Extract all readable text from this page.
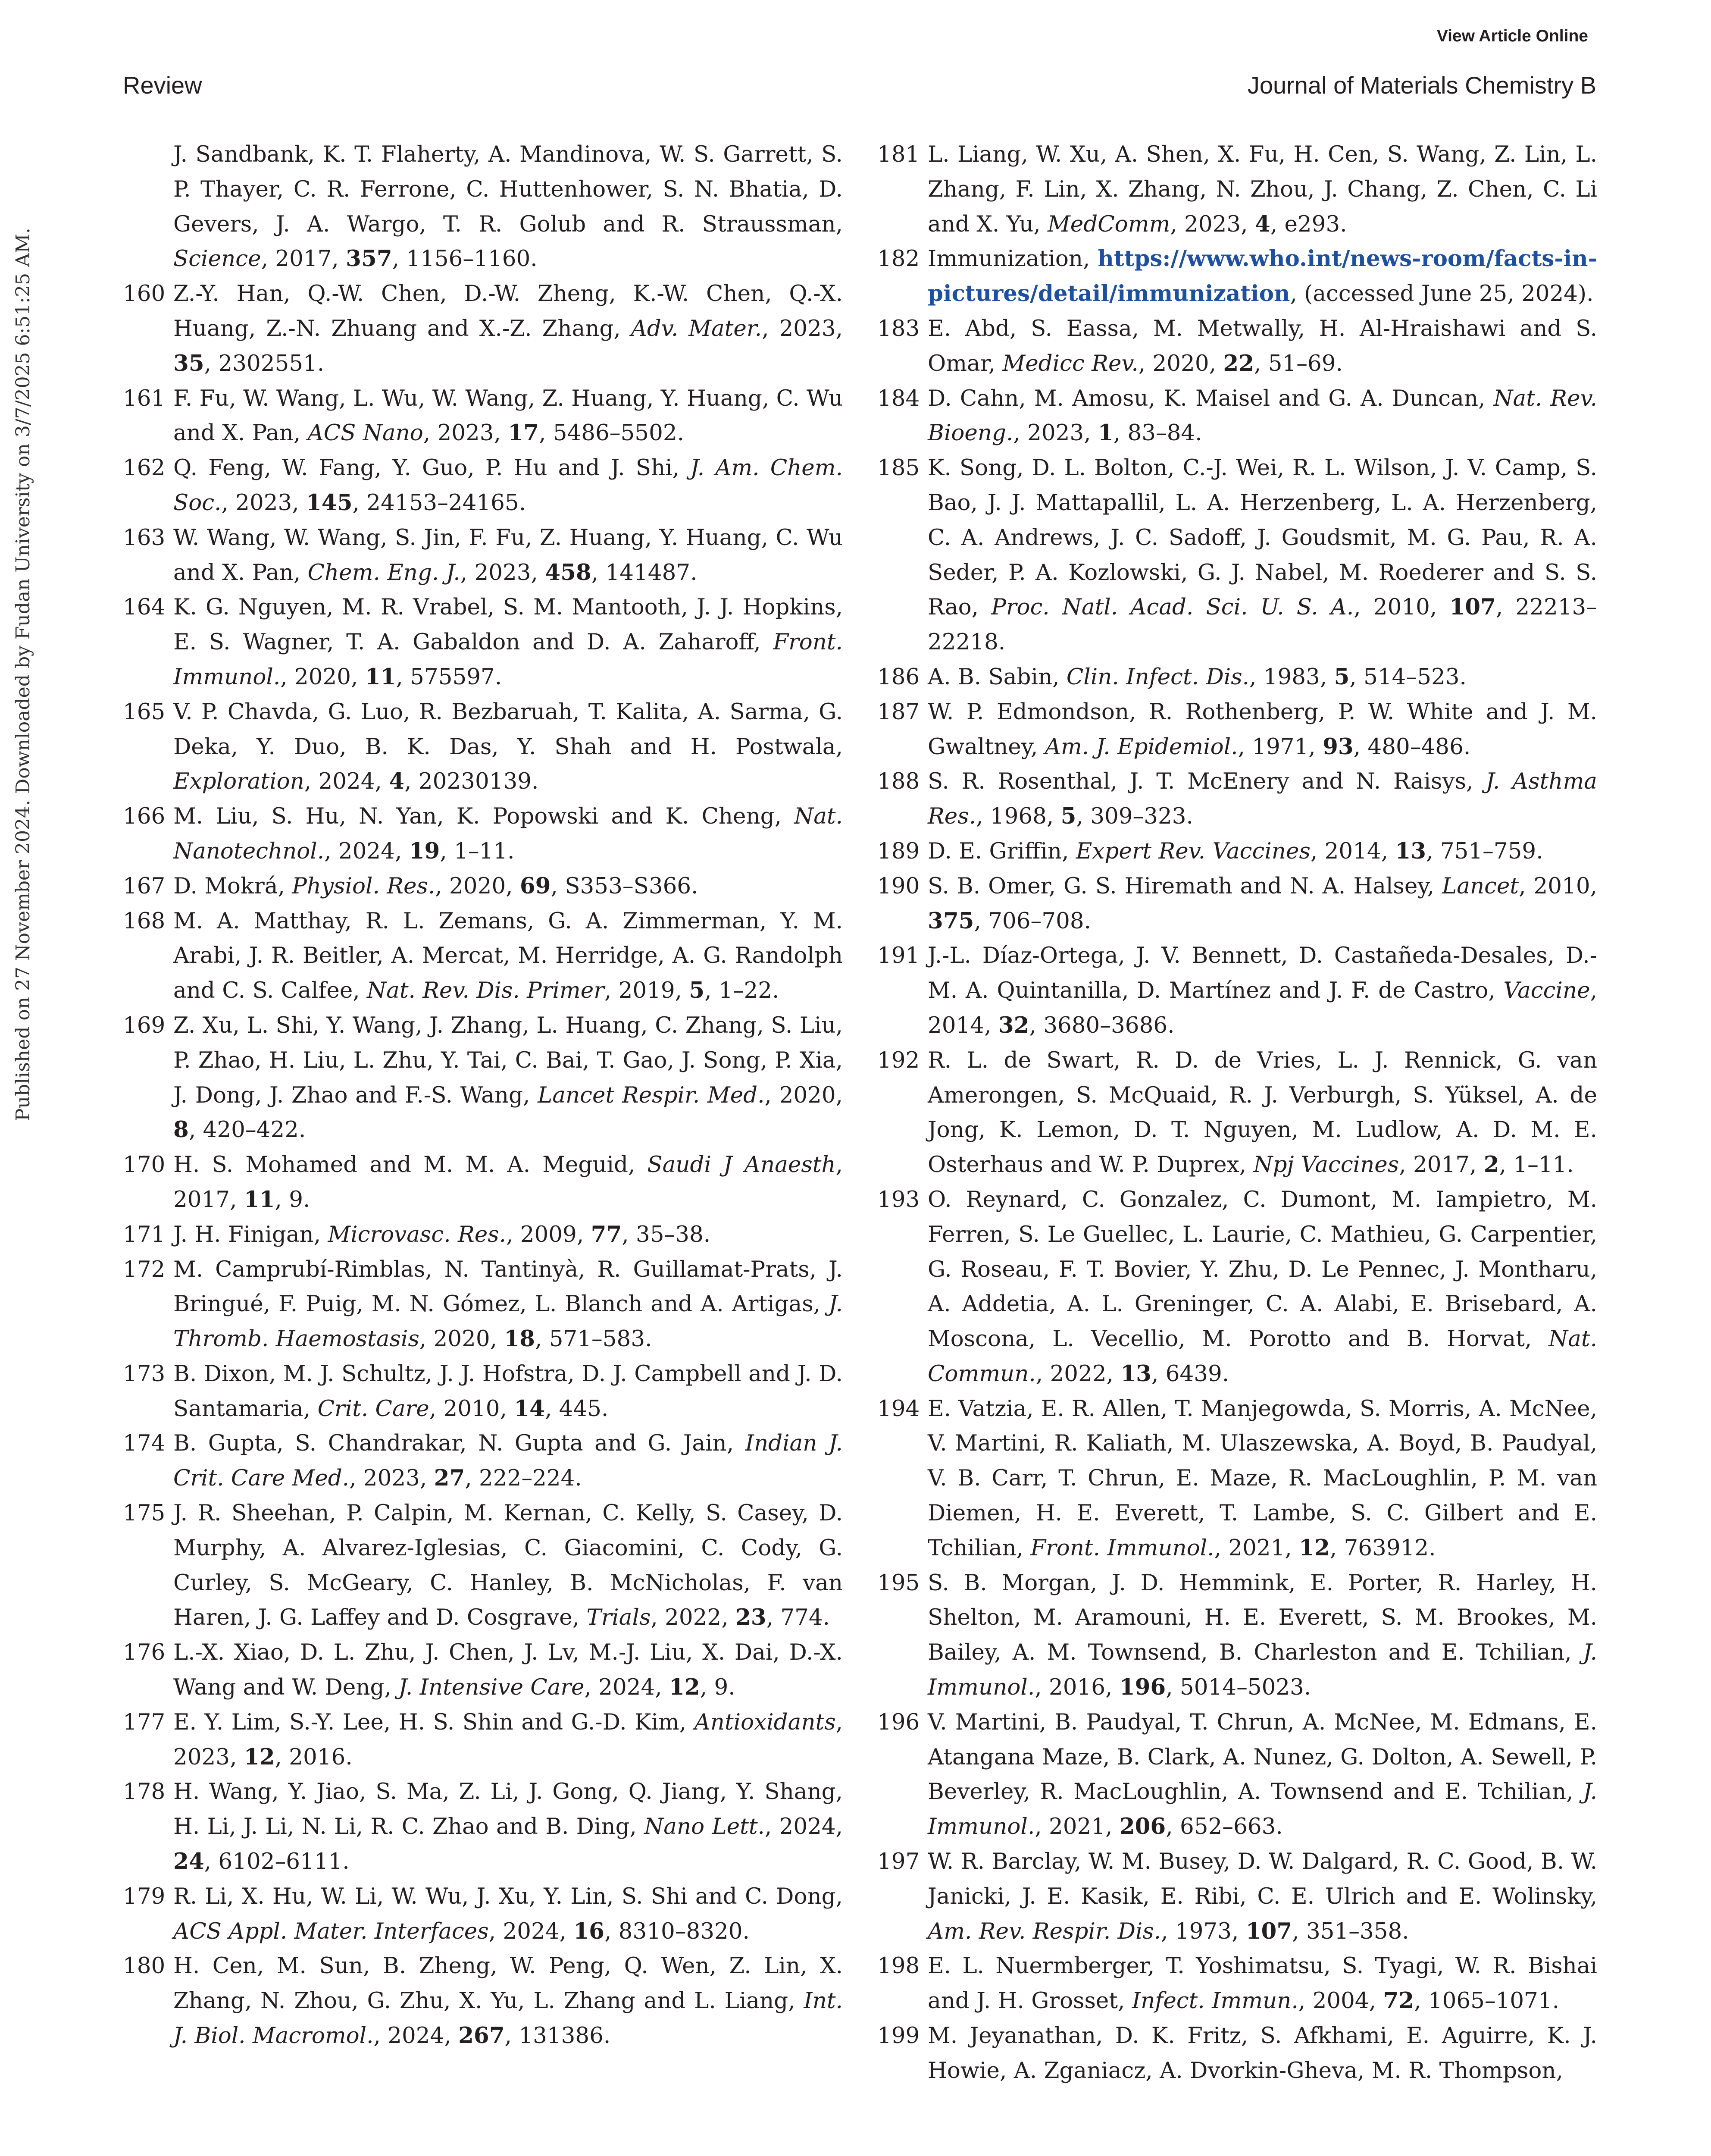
View Article Online
Review	Journal of Materials Chemistry B
Published on 27 November 2024. Downloaded by Fudan University on 3/7/2025 6:51:25 AM.
J. Sandbank, K. T. Flaherty, A. Mandinova, W. S. Garrett, S. P. Thayer, C. R. Ferrone, C. Huttenhower, S. N. Bhatia, D. Gevers, J. A. Wargo, T. R. Golub and R. Straussman, Science, 2017, 357, 1156–1160.
160 Z.-Y. Han, Q.-W. Chen, D.-W. Zheng, K.-W. Chen, Q.-X. Huang, Z.-N. Zhuang and X.-Z. Zhang, Adv. Mater., 2023, 35, 2302551.
161 F. Fu, W. Wang, L. Wu, W. Wang, Z. Huang, Y. Huang, C. Wu and X. Pan, ACS Nano, 2023, 17, 5486–5502.
162 Q. Feng, W. Fang, Y. Guo, P. Hu and J. Shi, J. Am. Chem. Soc., 2023, 145, 24153–24165.
163 W. Wang, W. Wang, S. Jin, F. Fu, Z. Huang, Y. Huang, C. Wu and X. Pan, Chem. Eng. J., 2023, 458, 141487.
164 K. G. Nguyen, M. R. Vrabel, S. M. Mantooth, J. J. Hopkins, E. S. Wagner, T. A. Gabaldon and D. A. Zaharoff, Front. Immunol., 2020, 11, 575597.
165 V. P. Chavda, G. Luo, R. Bezbaruah, T. Kalita, A. Sarma, G. Deka, Y. Duo, B. K. Das, Y. Shah and H. Postwala, Exploration, 2024, 4, 20230139.
166 M. Liu, S. Hu, N. Yan, K. Popowski and K. Cheng, Nat. Nanotechnol., 2024, 19, 1–11.
167 D. Mokrá, Physiol. Res., 2020, 69, S353–S366.
168 M. A. Matthay, R. L. Zemans, G. A. Zimmerman, Y. M. Arabi, J. R. Beitler, A. Mercat, M. Herridge, A. G. Randolph and C. S. Calfee, Nat. Rev. Dis. Primer, 2019, 5, 1–22.
169 Z. Xu, L. Shi, Y. Wang, J. Zhang, L. Huang, C. Zhang, S. Liu, P. Zhao, H. Liu, L. Zhu, Y. Tai, C. Bai, T. Gao, J. Song, P. Xia, J. Dong, J. Zhao and F.-S. Wang, Lancet Respir. Med., 2020, 8, 420–422.
170 H. S. Mohamed and M. M. A. Meguid, Saudi J Anaesth, 2017, 11, 9.
171 J. H. Finigan, Microvasc. Res., 2009, 77, 35–38.
172 M. Camprubí-Rimblas, N. Tantinyà, R. Guillamat-Prats, J. Bringué, F. Puig, M. N. Gómez, L. Blanch and A. Artigas, J. Thromb. Haemostasis, 2020, 18, 571–583.
173 B. Dixon, M. J. Schultz, J. J. Hofstra, D. J. Campbell and J. D. Santamaria, Crit. Care, 2010, 14, 445.
174 B. Gupta, S. Chandrakar, N. Gupta and G. Jain, Indian J. Crit. Care Med., 2023, 27, 222–224.
175 J. R. Sheehan, P. Calpin, M. Kernan, C. Kelly, S. Casey, D. Murphy, A. Alvarez-Iglesias, C. Giacomini, C. Cody, G. Curley, S. McGeary, C. Hanley, B. McNicholas, F. van Haren, J. G. Laffey and D. Cosgrave, Trials, 2022, 23, 774.
176 L.-X. Xiao, D. L. Zhu, J. Chen, J. Lv, M.-J. Liu, X. Dai, D.-X. Wang and W. Deng, J. Intensive Care, 2024, 12, 9.
177 E. Y. Lim, S.-Y. Lee, H. S. Shin and G.-D. Kim, Antioxidants, 2023, 12, 2016.
178 H. Wang, Y. Jiao, S. Ma, Z. Li, J. Gong, Q. Jiang, Y. Shang, H. Li, J. Li, N. Li, R. C. Zhao and B. Ding, Nano Lett., 2024, 24, 6102–6111.
179 R. Li, X. Hu, W. Li, W. Wu, J. Xu, Y. Lin, S. Shi and C. Dong, ACS Appl. Mater. Interfaces, 2024, 16, 8310–8320.
180 H. Cen, M. Sun, B. Zheng, W. Peng, Q. Wen, Z. Lin, X. Zhang, N. Zhou, G. Zhu, X. Yu, L. Zhang and L. Liang, Int. J. Biol. Macromol., 2024, 267, 131386.
181 L. Liang, W. Xu, A. Shen, X. Fu, H. Cen, S. Wang, Z. Lin, L. Zhang, F. Lin, X. Zhang, N. Zhou, J. Chang, Z. Chen, C. Li and X. Yu, MedComm, 2023, 4, e293.
182 Immunization, https://www.who.int/news-room/facts-in-pictures/detail/immunization, (accessed June 25, 2024).
183 E. Abd, S. Eassa, M. Metwally, H. Al-Hraishawi and S. Omar, Medicc Rev., 2020, 22, 51–69.
184 D. Cahn, M. Amosu, K. Maisel and G. A. Duncan, Nat. Rev. Bioeng., 2023, 1, 83–84.
185 K. Song, D. L. Bolton, C.-J. Wei, R. L. Wilson, J. V. Camp, S. Bao, J. J. Mattapallil, L. A. Herzenberg, L. A. Herzenberg, C. A. Andrews, J. C. Sadoff, J. Goudsmit, M. G. Pau, R. A. Seder, P. A. Kozlowski, G. J. Nabel, M. Roederer and S. S. Rao, Proc. Natl. Acad. Sci. U. S. A., 2010, 107, 22213–22218.
186 A. B. Sabin, Clin. Infect. Dis., 1983, 5, 514–523.
187 W. P. Edmondson, R. Rothenberg, P. W. White and J. M. Gwaltney, Am. J. Epidemiol., 1971, 93, 480–486.
188 S. R. Rosenthal, J. T. McEnery and N. Raisys, J. Asthma Res., 1968, 5, 309–323.
189 D. E. Griffin, Expert Rev. Vaccines, 2014, 13, 751–759.
190 S. B. Omer, G. S. Hiremath and N. A. Halsey, Lancet, 2010, 375, 706–708.
191 J.-L. Díaz-Ortega, J. V. Bennett, D. Castañeda-Desales, D.-M. A. Quintanilla, D. Martínez and J. F. de Castro, Vaccine, 2014, 32, 3680–3686.
192 R. L. de Swart, R. D. de Vries, L. J. Rennick, G. van Amerongen, S. McQuaid, R. J. Verburgh, S. Yüksel, A. de Jong, K. Lemon, D. T. Nguyen, M. Ludlow, A. D. M. E. Osterhaus and W. P. Duprex, Npj Vaccines, 2017, 2, 1–11.
193 O. Reynard, C. Gonzalez, C. Dumont, M. Iampietro, M. Ferren, S. Le Guellec, L. Laurie, C. Mathieu, G. Carpentier, G. Roseau, F. T. Bovier, Y. Zhu, D. Le Pennec, J. Montharu, A. Addetia, A. L. Greninger, C. A. Alabi, E. Brisebard, A. Moscona, L. Vecellio, M. Porotto and B. Horvat, Nat. Commun., 2022, 13, 6439.
194 E. Vatzia, E. R. Allen, T. Manjegowda, S. Morris, A. McNee, V. Martini, R. Kaliath, M. Ulaszewska, A. Boyd, B. Paudyal, V. B. Carr, T. Chrun, E. Maze, R. MacLoughlin, P. M. van Diemen, H. E. Everett, T. Lambe, S. C. Gilbert and E. Tchilian, Front. Immunol., 2021, 12, 763912.
195 S. B. Morgan, J. D. Hemmink, E. Porter, R. Harley, H. Shelton, M. Aramouni, H. E. Everett, S. M. Brookes, M. Bailey, A. M. Townsend, B. Charleston and E. Tchilian, J. Immunol., 2016, 196, 5014–5023.
196 V. Martini, B. Paudyal, T. Chrun, A. McNee, M. Edmans, E. Atangana Maze, B. Clark, A. Nunez, G. Dolton, A. Sewell, P. Beverley, R. MacLoughlin, A. Townsend and E. Tchilian, J. Immunol., 2021, 206, 652–663.
197 W. R. Barclay, W. M. Busey, D. W. Dalgard, R. C. Good, B. W. Janicki, J. E. Kasik, E. Ribi, C. E. Ulrich and E. Wolinsky, Am. Rev. Respir. Dis., 1973, 107, 351–358.
198 E. L. Nuermberger, T. Yoshimatsu, S. Tyagi, W. R. Bishai and J. H. Grosset, Infect. Immun., 2004, 72, 1065–1071.
199 M. Jeyanathan, D. K. Fritz, S. Afkhami, E. Aguirre, K. J. Howie, A. Zganiacz, A. Dvorkin-Gheva, M. R. Thompson,
